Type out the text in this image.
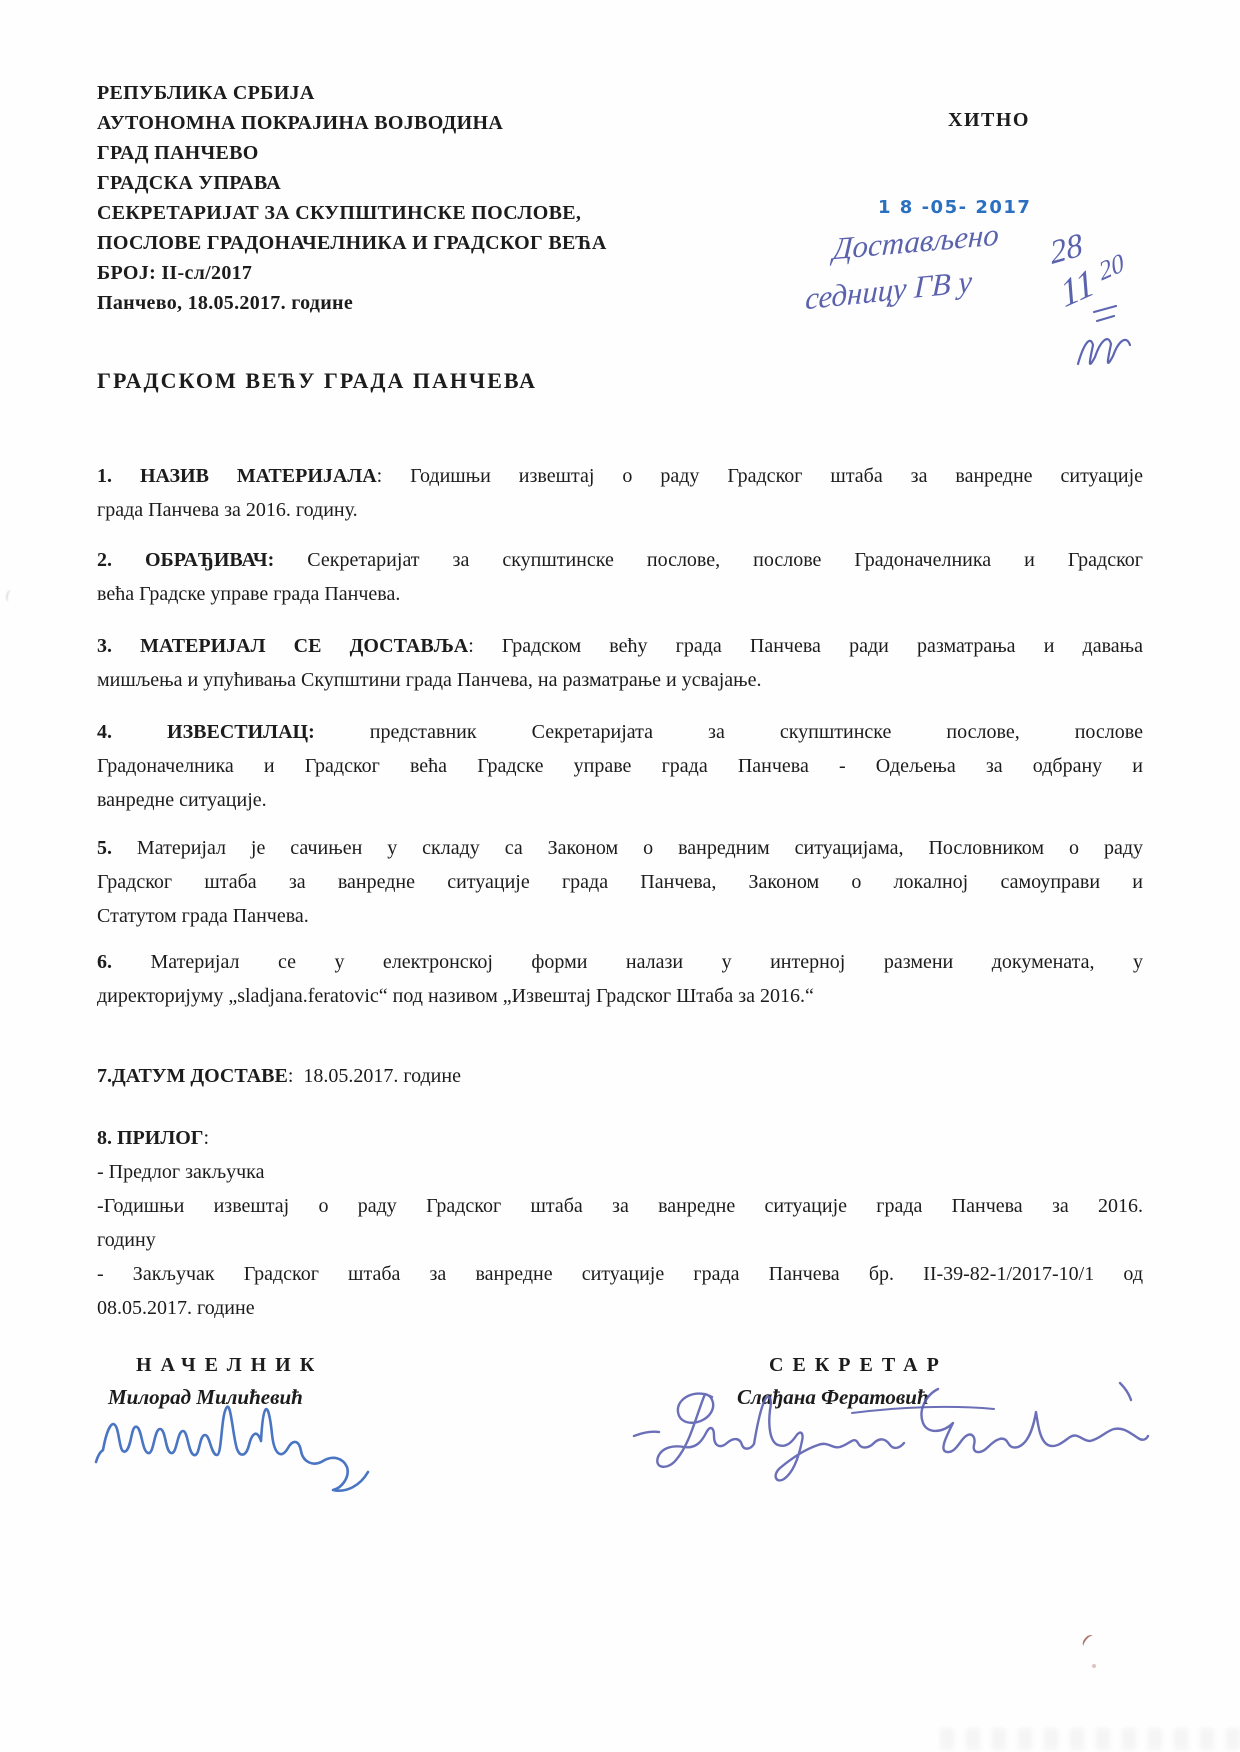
РЕПУБЛИКА СРБИЈА
АУТОНОМНА ПОКРАЈИНА ВОЈВОДИНА
ГРАД ПАНЧЕВО
ГРАДСКА УПРАВА
СЕКРЕТАРИЈАТ ЗА СКУПШТИНСКЕ ПОСЛОВЕ,
ПОСЛОВЕ ГРАДОНАЧЕЛНИКА И ГРАДСКОГ ВЕЋА
БРОЈ: II-сл/2017
Панчево, 18.05.2017. године
ХИТНО
1 8 -05- 2017
Достављено 28
седницу ГВ у 11
20
ГРАДСКОМ ВЕЋУ ГРАДА ПАНЧЕВА
1. НАЗИВ МАТЕРИЈАЛА: Годишњи извештај о раду Градског штаба за ванредне ситуације
града Панчева за 2016. годину.
2. ОБРАЂИВАЧ: Секретаријат за скупштинске послове, послове Градоначелника и Градског
већа Градске управе града Панчева.
3. МАТЕРИЈАЛ СЕ ДОСТАВЉА: Градском већу града Панчева ради разматрања и давања
мишљења и упућивања Скупштини града Панчева, на разматрање и усвајање.
4. ИЗВЕСТИЛАЦ: представник Секретаријата за скупштинске послове, послове
Градоначелника и Градског већа Градске управе града Панчева - Одељења за одбрану и
ванредне ситуације.
5. Материјал је сачињен у складу са Законом о ванредним ситуацијама, Пословником о раду
Градског штаба за ванредне ситуације града Панчева, Законом о локалној самоуправи и
Статутом града Панчева.
6. Материјал се у електронској форми налази у интерној размени докумената, у
директоријуму „sladjana.feratovic“ под називом „Извештај Градског Штаба за 2016.“
7.ДАТУМ ДОСТАВЕ:  18.05.2017. године
8. ПРИЛОГ:
- Предлог закључка
-Годишњи извештај о раду Градског штаба за ванредне ситуације града Панчева за 2016.
годину
- Закључак Градског штаба за ванредне ситуације града Панчева бр. II-39-82-1/2017-10/1 од
08.05.2017. године
НАЧЕЛНИК
Милорад Милићевић
СЕКРЕТАР
Слађана Фератовић
